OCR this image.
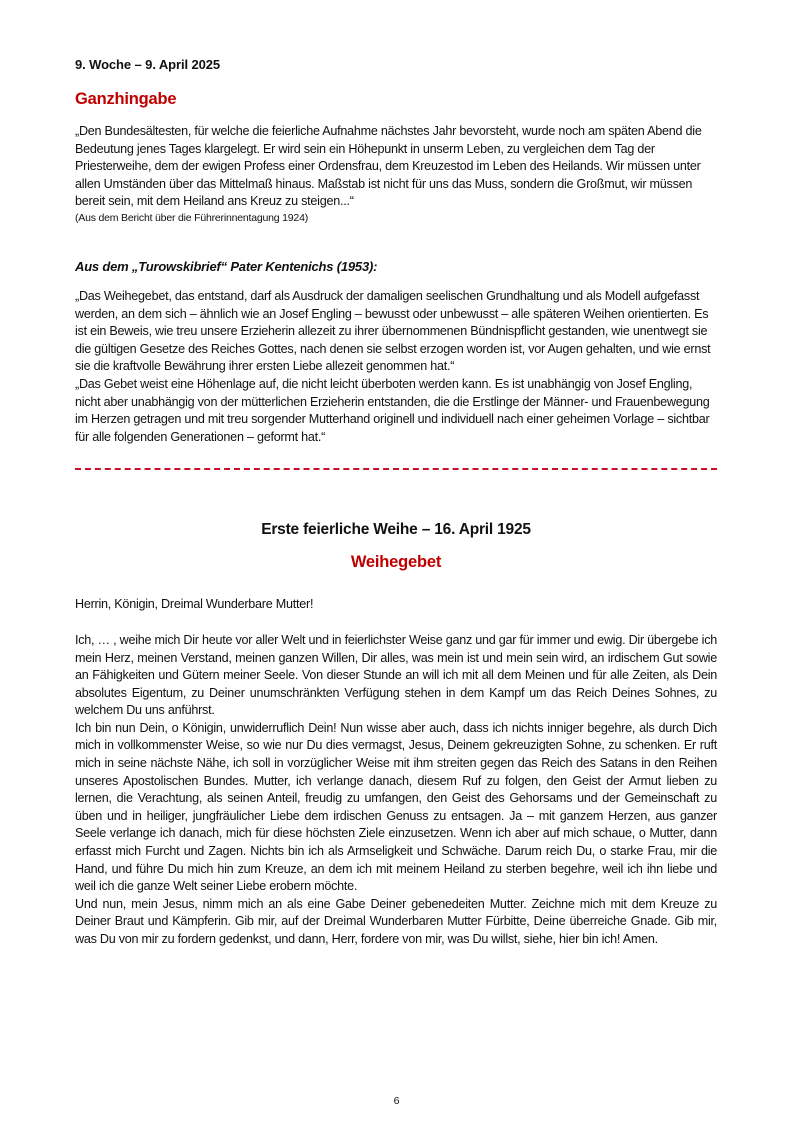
9. Woche – 9. April 2025
Ganzhingabe

„Den Bundesältesten, für welche die feierliche Aufnahme nächstes Jahr bevorsteht, wurde noch am späten Abend die Bedeutung jenes Tages klargelegt. Er wird sein ein Höhepunkt in unserm Leben, zu vergleichen dem Tag der Priesterweihe, dem der ewigen Profess einer Ordensfrau, dem Kreuzestod im Leben des Heilands. Wir müssen unter allen Umständen über das Mittelmaß hinaus. Maßstab ist nicht für uns das Muss, sondern die Großmut, wir müssen bereit sein, mit dem Heiland ans Kreuz zu steigen...“

(Aus dem Bericht über die Führerinnentagung 1924)

Aus dem „Turowskibrief“ Pater Kentenichs (1953):

„Das Weihegebet, das entstand, darf als Ausdruck der damaligen seelischen Grundhaltung und als Modell aufgefasst werden, an dem sich – ähnlich wie an Josef Engling – bewusst oder unbewusst – alle späteren Weihen orientierten. Es ist ein Beweis, wie treu unsere Erzieherin allezeit zu ihrer übernommenen Bündnispflicht gestanden, wie unentwegt sie die gültigen Gesetze des Reiches Gottes, nach denen sie selbst erzogen worden ist, vor Augen gehalten, und wie ernst sie die kraftvolle Bewährung ihrer ersten Liebe allezeit genommen hat.“

„Das Gebet weist eine Höhenlage auf, die nicht leicht überboten werden kann. Es ist unabhängig von Josef Engling, nicht aber unabhängig von der mütterlichen Erzieherin entstanden, die die Erstlinge der Männer- und Frauenbewegung im Herzen getragen und mit treu sorgender Mutterhand originell und individuell nach einer geheimen Vorlage – sichtbar für alle folgenden Generationen – geformt hat.“

Erste feierliche Weihe – 16. April 1925
Weihegebet

Herrin, Königin, Dreimal Wunderbare Mutter!

Ich, … , weihe mich Dir heute vor aller Welt und in feierlichster Weise ganz und gar für immer und ewig. Dir übergebe ich mein Herz, meinen Verstand, meinen ganzen Willen, Dir alles, was mein ist und mein sein wird, an irdischem Gut sowie an Fähigkeiten und Gütern meiner Seele. Von dieser Stunde an will ich mit all dem Meinen und für alle Zeiten, als Dein absolutes Eigentum, zu Deiner unumschränkten Verfügung stehen in dem Kampf um das Reich Deines Sohnes, zu welchem Du uns anführst.

Ich bin nun Dein, o Königin, unwiderruflich Dein! Nun wisse aber auch, dass ich nichts inniger begehre, als durch Dich mich in vollkommenster Weise, so wie nur Du dies vermagst, Jesus, Deinem gekreuzigten Sohne, zu schenken. Er ruft mich in seine nächste Nähe, ich soll in vorzüglicher Weise mit ihm streiten gegen das Reich des Satans in den Reihen unseres Apostolischen Bundes. Mutter, ich verlange danach, diesem Ruf zu folgen, den Geist der Armut lieben zu lernen, die Verachtung, als seinen Anteil, freudig zu umfangen, den Geist des Gehorsams und der Gemeinschaft zu üben und in heiliger, jungfräulicher Liebe dem irdischen Genuss zu entsagen. Ja – mit ganzem Herzen, aus ganzer Seele verlange ich danach, mich für diese höchsten Ziele einzusetzen. Wenn ich aber auf mich schaue, o Mutter, dann erfasst mich Furcht und Zagen. Nichts bin ich als Armseligkeit und Schwäche. Darum reich Du, o starke Frau, mir die Hand, und führe Du mich hin zum Kreuze, an dem ich mit meinem Heiland zu sterben begehre, weil ich ihn liebe und weil ich die ganze Welt seiner Liebe erobern möchte.

Und nun, mein Jesus, nimm mich an als eine Gabe Deiner gebenedeiten Mutter. Zeichne mich mit dem Kreuze zu Deiner Braut und Kämpferin. Gib mir, auf der Dreimal Wunderbaren Mutter Fürbitte, Deine überreiche Gnade. Gib mir, was Du von mir zu fordern gedenkst, und dann, Herr, fordere von mir, was Du willst, siehe, hier bin ich! Amen.

6
